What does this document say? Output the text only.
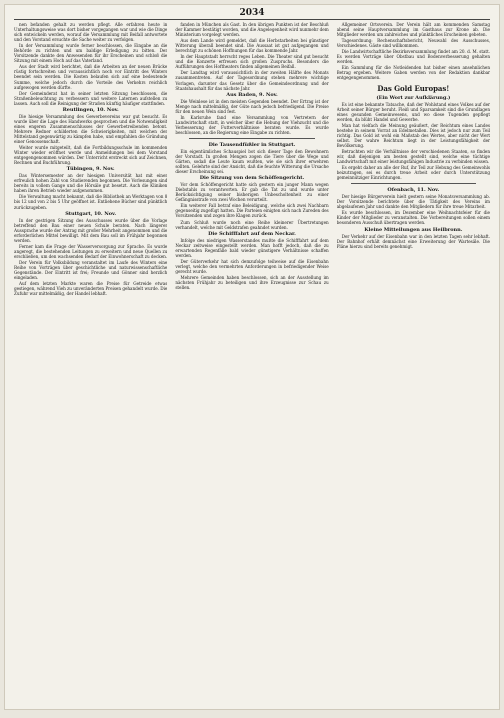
2034

nen befanden gehalt zu werden pflegt. Alle erfahren heute in Unterhaltungsweise was dort bisher vorgegangen war und wie die Dinge sich entwickeln werden, worauf die Versammlung mit Beifall antwortete und den Vorstand ersuchte die Sache weiter zu verfolgen.

In der Versammlung wurde ferner beschlossen, die Eingabe an die Behörde zu richten und um baldige Erledigung zu bitten. Der Vorsitzende dankte den Anwesenden für ihr Erscheinen und schloß die Sitzung mit einem Hoch auf das Vaterland.

Aus der Stadt wird berichtet, daß die Arbeiten an der neuen Brücke rüstig fortschreiten und voraussichtlich noch vor Eintritt des Winters beendet sein werden. Die Kosten belaufen sich auf eine bedeutende Summe, welche jedoch durch die Vorteile des Verkehrs reichlich aufgewogen werden dürfte.

Der Gemeinderat hat in seiner letzten Sitzung beschlossen, die Straßenbeleuchtung zu verbessern und weitere Laternen aufstellen zu lassen. Auch soll die Reinigung der Straßen künftig häufiger stattfinden.

Reutlingen, 10. Nov.

Die hiesige Versammlung des Gewerbevereins war gut besucht. Es wurde über die Lage des Handwerks gesprochen und die Notwendigkeit eines engeren Zusammenschlusses der Gewerbetreibenden betont. Mehrere Redner schilderten die Schwierigkeiten, mit welchen der Mittelstand gegenwärtig zu kämpfen habe, und empfahlen die Gründung einer Genossenschaft.

Weiter wurde mitgeteilt, daß die Fortbildungsschule im kommenden Winter wieder eröffnet werde und Anmeldungen bei dem Vorstand entgegengenommen würden. Der Unterricht erstreckt sich auf Zeichnen, Rechnen und Buchführung.

Tübingen, 9. Nov.

Das Wintersemester an der hiesigen Universität hat mit einer erfreulich hohen Zahl von Studierenden begonnen. Die Vorlesungen sind bereits in vollem Gange und die Hörsäle gut besetzt. Auch die Kliniken haben ihren Betrieb wieder aufgenommen.

Die Verwaltung macht bekannt, daß die Bibliothek an Werktagen von 8 bis 12 und von 2 bis 5 Uhr geöffnet ist. Entliehene Bücher sind pünktlich zurückzugeben.

Stuttgart, 10. Nov.

In der gestrigen Sitzung des Ausschusses wurde über die Vorlage betreffend den Bau einer neuen Schule beraten. Nach längerer Aussprache wurde der Antrag mit großer Mehrheit angenommen und die erforderlichen Mittel bewilligt. Mit dem Bau soll im Frühjahr begonnen werden.

Ferner kam die Frage der Wasserversorgung zur Sprache. Es wurde angeregt, die bestehenden Leitungen zu erweitern und neue Quellen zu erschließen, um den wachsenden Bedarf der Einwohnerschaft zu decken.

Der Verein für Volksbildung veranstaltet im Laufe des Winters eine Reihe von Vorträgen über geschichtliche und naturwissenschaftliche Gegenstände. Der Eintritt ist frei; Freunde und Gönner sind herzlich eingeladen.

Auf dem letzten Markte waren die Preise für Getreide etwas gestiegen, während Vieh zu unveränderten Preisen gehandelt wurde. Die Zufuhr war mittelmäßig, der Handel lebhaft.

fanden in München als Gast. In den übrigen Punkten ist der Beschluß der Kammer bestätigt worden, und die Angelegenheit wird nunmehr dem Ministerium vorgelegt werden.

Aus dem Lande wird gemeldet, daß die Herbstarbeiten bei günstiger Witterung überall beendet sind. Die Aussaat ist gut aufgegangen und berechtigt zu schönen Hoffnungen für das kommende Jahr.

In der Hauptstadt herrscht reges Leben. Die Theater sind gut besucht und die Konzerte erfreuen sich großen Zuspruchs. Besonders die Aufführungen des Hoftheaters finden allgemeinen Beifall.

Der Landtag wird voraussichtlich in der zweiten Hälfte des Monats zusammentreten. Auf der Tagesordnung stehen mehrere wichtige Vorlagen, darunter das Gesetz über die Gemeindeordnung und der Staatshaushalt für das nächste Jahr.

Aus Baden, 9. Nov.

Die Weinlese ist in den meisten Gegenden beendet. Der Ertrag ist der Menge nach mittelmäßig, der Güte nach jedoch befriedigend. Die Preise für den neuen Wein sind fest.

In Karlsruhe fand eine Versammlung von Vertretern der Landwirtschaft statt, in welcher über die Hebung der Viehzucht und die Verbesserung der Futterverhältnisse beraten wurde. Es wurde beschlossen, an die Regierung eine Eingabe zu richten.

Die Tausendfüßler in Stuttgart.

Ein eigentümliches Schauspiel bot sich dieser Tage den Bewohnern der Vorstadt. In großen Mengen zogen die Tiere über die Wege und Gärten, sodaß die Leute kaum wußten, wie sie sich ihrer erwehren sollten. Gelehrte sind der Ansicht, daß die feuchte Witterung die Ursache dieser Erscheinung sei.

Die Sitzung von dem Schöffengericht.

Vor dem Schöffengericht hatte sich gestern ein junger Mann wegen Diebstahls zu verantworten. Er gab die Tat zu und wurde unter Berücksichtigung seiner bisherigen Unbescholtenheit zu einer Gefängnisstrafe von zwei Wochen verurteilt.

Ein weiterer Fall betraf eine Beleidigung, welche sich zwei Nachbarn gegenseitig zugefügt hatten. Die Parteien einigten sich nach Zureden des Vorsitzenden und zogen ihre Klagen zurück.

Zum Schluß wurde noch eine Reihe kleinerer Übertretungen verhandelt, welche mit Geldstrafen geahndet wurden.

Die Schifffahrt auf dem Neckar.

Infolge des niedrigen Wasserstandes mußte die Schifffahrt auf dem Neckar zeitweise eingestellt werden. Man hofft jedoch, daß die zu erwartenden Regenfälle bald wieder günstigere Verhältnisse schaffen werden.

Der Güterverkehr hat sich demzufolge teilweise auf die Eisenbahn verlegt, welche den vermehrten Anforderungen in befriedigender Weise gerecht wurde.

Mehrere Gemeinden haben beschlossen, sich an der Ausstellung im nächsten Frühjahr zu beteiligen und ihre Erzeugnisse zur Schau zu stellen.

Allgemeiner Ortsverein. Der Verein hält am kommenden Samstag abend seine Hauptversammlung im Gasthaus zur Krone ab. Die Mitglieder werden um zahlreiches und pünktliches Erscheinen gebeten.

Tagesordnung: Rechenschaftsbericht, Neuwahl des Ausschusses, Verschiedenes. Gäste sind willkommen.

Die Landwirtschaftliche Bezirksversammlung findet am 20. d. M. statt. Es werden Vorträge über Obstbau und Bodenverbesserung gehalten werden.

Ein Sammlung für die Notleidenden hat bisher einen ansehnlichen Betrag ergeben. Weitere Gaben werden von der Redaktion dankbar entgegengenommen.

Das Gold Europas!
(Ein Wort zur Aufklärung.)

Es ist eine bekannte Tatsache, daß der Wohlstand eines Volkes auf der Arbeit seiner Bürger beruht. Fleiß und Sparsamkeit sind die Grundlagen eines gesunden Gemeinwesens, und wo diese Tugenden gepflegt werden, da blüht Handel und Gewerbe.

Man hat vielfach die Meinung geäußert, der Reichtum eines Landes bestehe in seinem Vorrat an Edelmetallen. Dies ist jedoch nur zum Teil richtig. Das Gold ist wohl ein Maßstab des Wertes, aber nicht der Wert selbst. Der wahre Reichtum liegt in der Leistungsfähigkeit der Bevölkerung.

Betrachten wir die Verhältnisse der verschiedenen Staaten, so finden wir, daß diejenigen am besten gestellt sind, welche eine tüchtige Landwirtschaft mit einer leistungsfähigen Industrie zu verbinden wissen.

Es ergeht daher an alle der Ruf, ihr Teil zur Hebung des Gemeinwohls beizutragen, sei es durch treue Arbeit oder durch Unterstützung gemeinnütziger Einrichtungen.

Ofenbach, 11. Nov.

Der hiesige Bürgerverein hielt gestern seine Monatsversammlung ab. Der Vorsitzende berichtete über die Tätigkeit des Vereins im abgelaufenen Jahr und dankte den Mitgliedern für ihre treue Mitarbeit.

Es wurde beschlossen, im Dezember eine Weihnachtsfeier für die Kinder der Mitglieder zu veranstalten. Die Vorbereitungen sollen einem besonderen Ausschuß übertragen werden.

Kleine Mitteilungen aus Heilbronn.

Der Verkehr auf der Eisenbahn war in den letzten Tagen sehr lebhaft. Der Bahnhof erhält demnächst eine Erweiterung der Wartesäle. Die Pläne hierzu sind bereits genehmigt.
